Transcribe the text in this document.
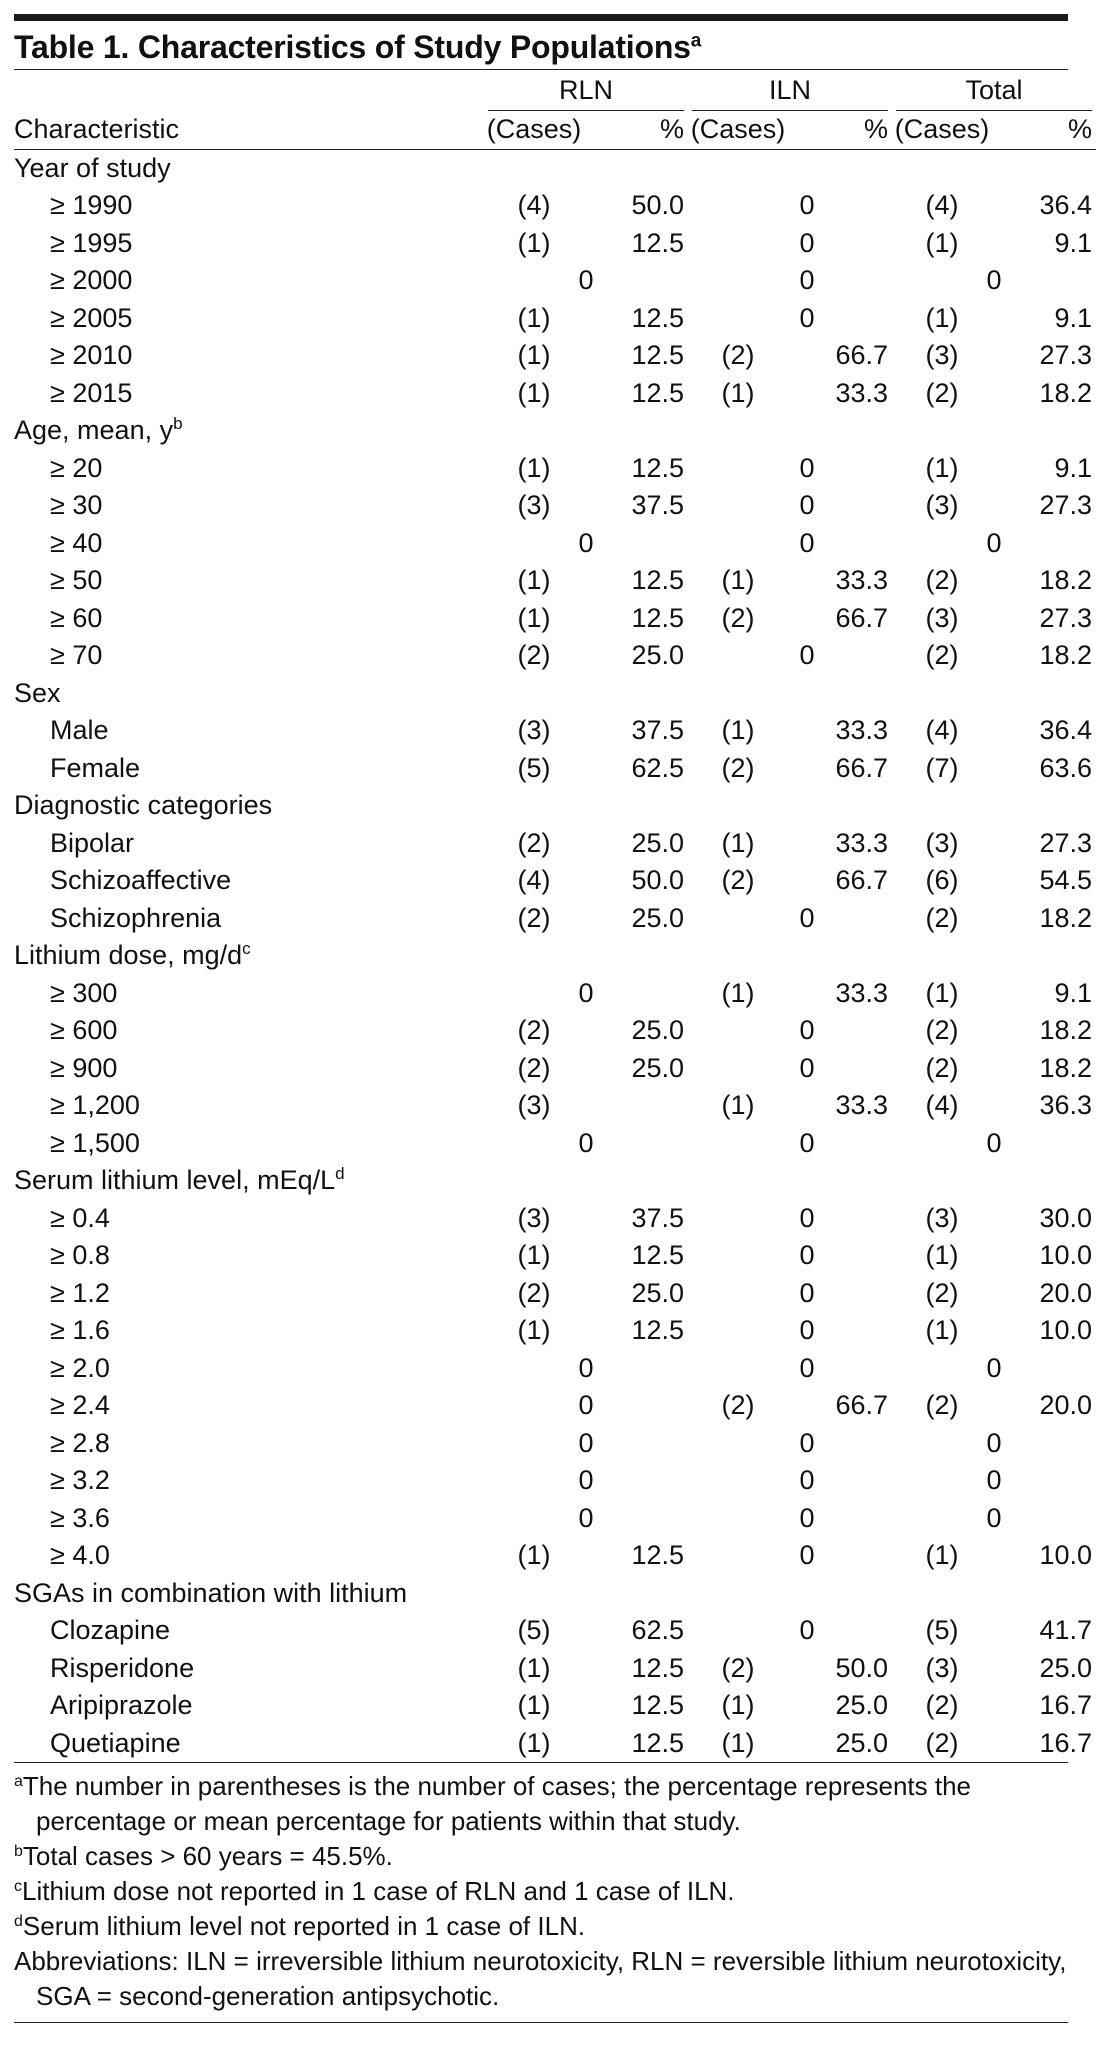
Table 1. Characteristics of Study Populations$^a$
	RLN		ILN		Total	
Characteristic	(Cases)	%	(Cases)	%	(Cases)	%
Year of study						
≥ 1990	(4)	50.0	0		(4)	36.4
≥ 1995	(1)	12.5	0		(1)	9.1
≥ 2000	0		0		0	
≥ 2005	(1)	12.5	0		(1)	9.1
≥ 2010	(1)	12.5	(2)	66.7	(3)	27.3
≥ 2015	(1)	12.5	(1)	33.3	(2)	18.2
Age, mean, $y^b$
≥ 20	(1)	12.5	0		(1)	9.1
≥ 30	(3)	37.5	0		(3)	27.3
≥ 40	0		0		0	
≥ 50	(1)	12.5	(1)	33.3	(2)	18.2
≥ 60	(1)	12.5	(2)	66.7	(3)	27.3
≥ 70	(2)	25.0	0		(2)	18.2
Sex						
Male	(3)	37.5	(1)	33.3	(4)	36.4
Female	(5)	62.5	(2)	66.7	(7)	63.6
Diagnostic categories						
Bipolar	(2)	25.0	(1)	33.3	(3)	27.3
Schizoaffective	(4)	50.0	(2)	66.7	(6)	54.5
Schizophrenia	(2)	25.0	0		(2)	18.2
Lithium dose, $mg/d^c$
≥ 300	0		(1)	33.3	(1)	9.1
≥ 600	(2)	25.0	0		(2)	18.2
≥ 900	(2)	25.0	0		(2)	18.2
≥ 1,200	(3)		(1)	33.3	(4)	36.3
≥ 1,500	0		0		0	
Serum lithium level, mEq/$L^d$
≥ 0.4	(3)	37.5	0		(3)	30.0
≥ 0.8	(1)	12.5	0		(1)	10.0
≥ 1.2	(2)	25.0	0		(2)	20.0
≥ 1.6	(1)	12.5	0		(1)	10.0
≥ 2.0	0		0		0	
≥ 2.4	0		(2)	66.7	(2)	20.0
≥ 2.8	0		0		0	
≥ 3.2	0		0		0	
≥ 3.6	0		0		0	
≥ 4.0	(1)	12.5	0		(1)	10.0
SGAs in combination with lithium						
Clozapine	(5)	62.5	0		(5)	41.7
Risperidone	(1)	12.5	(2)	50.0	(3)	25.0
Aripiprazole	(1)	12.5	(1)	25.0	(2)	16.7
Quetiapine	(1)	12.5	(1)	25.0	(2)	16.7
$^a$The number in parentheses is the number of cases; the percentage represents the percentage or mean percentage for patients within that study.
$^b$Total cases > 60 years = 45.5%.
$^c$Lithium dose not reported in 1 case of RLN and 1 case of ILN.
$^d$Serum lithium level not reported in 1 case of ILN.
Abbreviations: ILN = irreversible lithium neurotoxicity, RLN = reversible lithium neurotoxicity, SGA = second-generation antipsychotic.
